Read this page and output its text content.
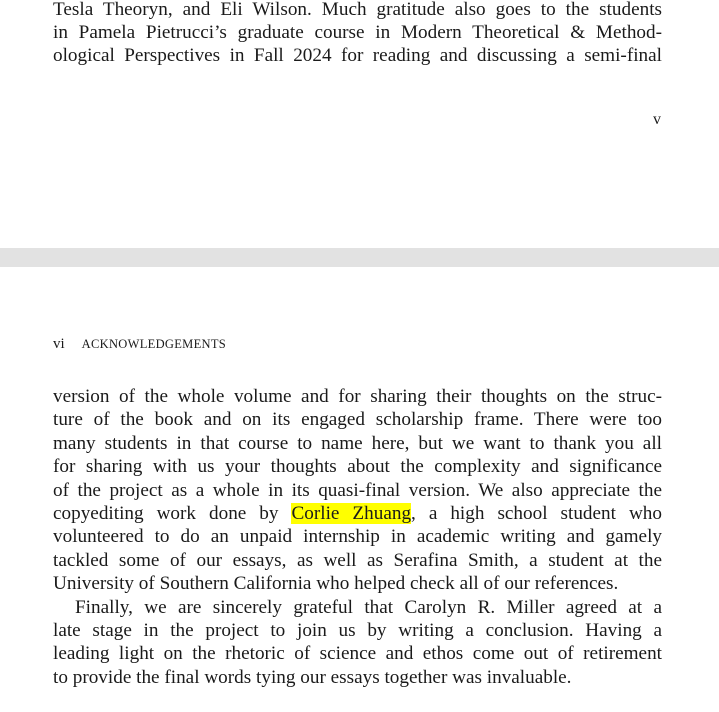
Tesla Theoryn, and Eli Wilson. Much gratitude also goes to the students
in Pamela Pietrucci’s graduate course in Modern Theoretical & Method-
ological Perspectives in Fall 2024 for reading and discussing a semi-final
v
vi ACKNOWLEDGEMENTS
version of the whole volume and for sharing their thoughts on the struc-
ture of the book and on its engaged scholarship frame. There were too
many students in that course to name here, but we want to thank you all
for sharing with us your thoughts about the complexity and significance
of the project as a whole in its quasi-final version. We also appreciate the
copyediting work done by Corlie Zhuang, a high school student who
volunteered to do an unpaid internship in academic writing and gamely
tackled some of our essays, as well as Serafina Smith, a student at the
University of Southern California who helped check all of our references.
Finally, we are sincerely grateful that Carolyn R. Miller agreed at a
late stage in the project to join us by writing a conclusion. Having a
leading light on the rhetoric of science and ethos come out of retirement
to provide the final words tying our essays together was invaluable.
